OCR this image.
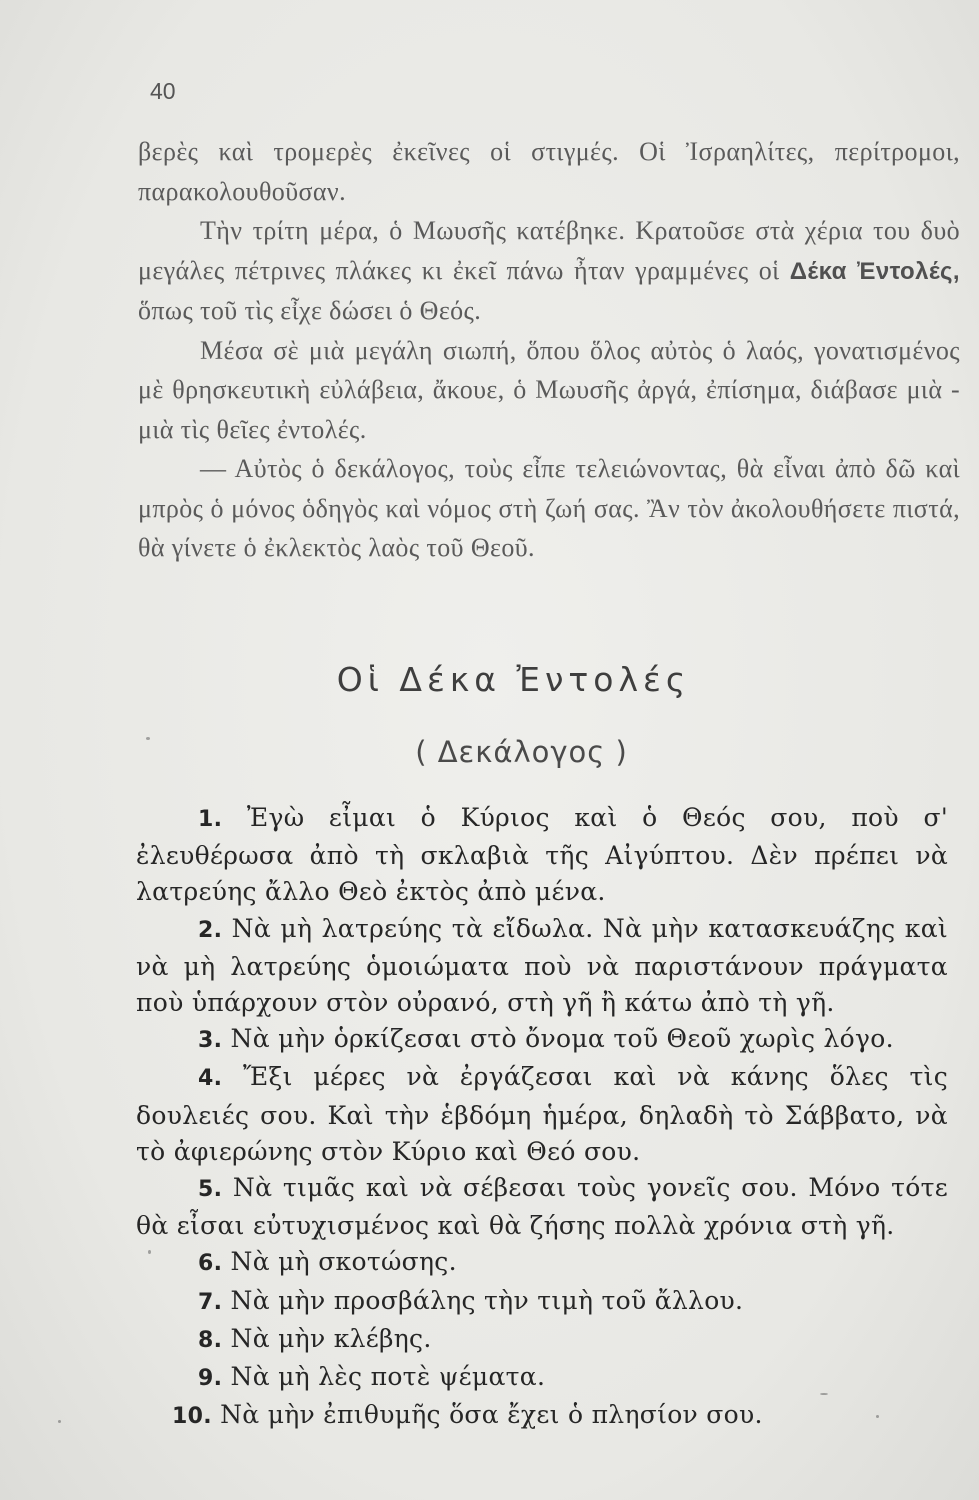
40

βερὲς καὶ τρομερὲς ἐκεῖνες οἱ στιγμές. Οἱ Ἰσραηλίτες, περίτρομοι, παρακολουθοῦσαν.

Τὴν τρίτη μέρα, ὁ Μωυσῆς κατέβηκε. Κρατοῦσε στὰ χέρια του δυὸ μεγάλες πέτρινες πλάκες κι ἐκεῖ πάνω ἦταν γραμμένες οἱ Δέκα Ἐντολές, ὅπως τοῦ τὶς εἶχε δώσει ὁ Θεός.

Μέσα σὲ μιὰ μεγάλη σιωπή, ὅπου ὅλος αὐτὸς ὁ λαός, γονατισμένος μὲ θρησκευτικὴ εὐλάβεια, ἄκουε, ὁ Μωυσῆς ἀργά, ἐπίσημα, διάβασε μιὰ - μιὰ τὶς θεῖες ἐντολές.

— Αὐτὸς ὁ δεκάλογος, τοὺς εἶπε τελειώνοντας, θὰ εἶναι ἀπὸ δῶ καὶ μπρὸς ὁ μόνος ὁδηγὸς καὶ νόμος στὴ ζωή σας. Ἂν τὸν ἀκολουθήσετε πιστά, θὰ γίνετε ὁ ἐκλεκτὸς λαὸς τοῦ Θεοῦ.

Οἱ Δέκα Ἐντολές
( Δεκάλογος )

1. Ἐγὼ εἶμαι ὁ Κύριος καὶ ὁ Θεός σου, ποὺ σ' ἐλευθέρωσα ἀπὸ τὴ σκλαβιὰ τῆς Αἰγύπτου. Δὲν πρέπει νὰ λατρεύης ἄλλο Θεὸ ἐκτὸς ἀπὸ μένα.

2. Νὰ μὴ λατρεύης τὰ εἴδωλα. Νὰ μὴν κατασκευάζης καὶ νὰ μὴ λατρεύης ὁμοιώματα ποὺ νὰ παριστάνουν πράγματα ποὺ ὑπάρχουν στὸν οὐρανό, στὴ γῆ ἢ κάτω ἀπὸ τὴ γῆ.

3. Νὰ μὴν ὁρκίζεσαι στὸ ὄνομα τοῦ Θεοῦ χωρὶς λόγο.

4. Ἔξι μέρες νὰ ἐργάζεσαι καὶ νὰ κάνης ὅλες τὶς δουλειές σου. Καὶ τὴν ἑβδόμη ἡμέρα, δηλαδὴ τὸ Σάββατο, νὰ τὸ ἀφιερώνης στὸν Κύριο καὶ Θεό σου.

5. Νὰ τιμᾶς καὶ νὰ σέβεσαι τοὺς γονεῖς σου. Μόνο τότε θὰ εἶσαι εὐτυχισμένος καὶ θὰ ζήσης πολλὰ χρόνια στὴ γῆ.

6. Νὰ μὴ σκοτώσης.

7. Νὰ μὴν προσβάλης τὴν τιμὴ τοῦ ἄλλου.

8. Νὰ μὴν κλέβης.

9. Νὰ μὴ λὲς ποτὲ ψέματα.

10. Νὰ μὴν ἐπιθυμῆς ὅσα ἔχει ὁ πλησίον σου.
